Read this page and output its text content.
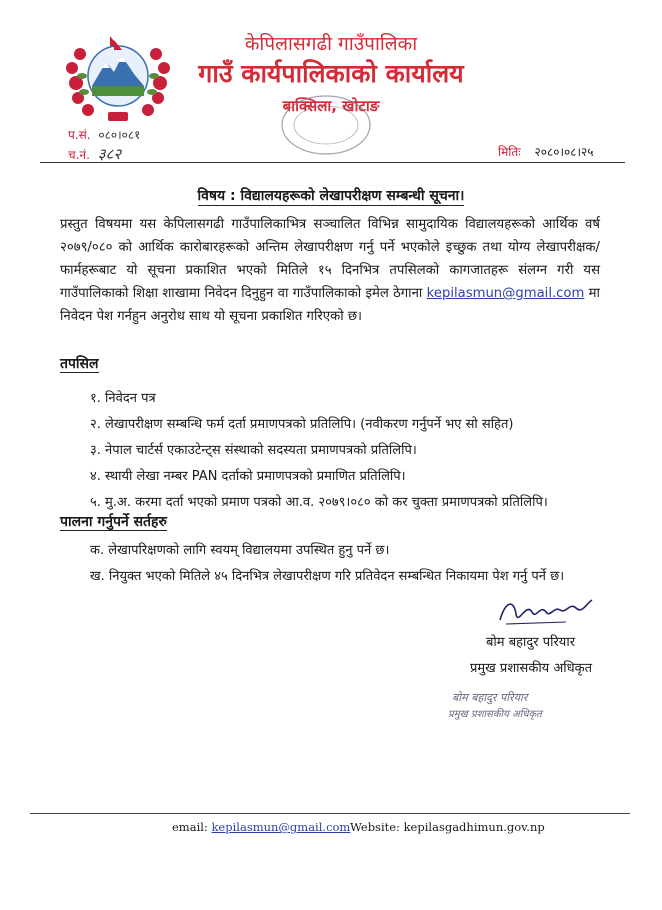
केपिलासगढी गाउँपालिका
गाउँ कार्यपालिकाको कार्यालय
बाक्सिला, खोटाङ
प.सं. ०८०।०८१
च.नं. ३८२	मितिः २०८०।०८।२५
विषय : विद्यालयहरूको लेखापरीक्षण सम्बन्धी सूचना।
प्रस्तुत विषयमा यस केपिलासगढी गाउँपालिकाभित्र सञ्चालित विभिन्न सामुदायिक विद्यालयहरूको आर्थिक वर्ष २०७९/०८० को आर्थिक कारोबारहरूको अन्तिम लेखापरीक्षण गर्नु पर्ने भएकोले इच्छुक तथा योग्य लेखापरीक्षक/फार्महरूबाट यो सूचना प्रकाशित भएको मितिले १५ दिनभित्र तपसिलको कागजातहरू संलग्न गरी यस गाउँपालिकाको शिक्षा शाखामा निवेदन दिनुहुन वा गाउँपालिकाको इमेल ठेगाना kepilasmun@gmail.com मा निवेदन पेश गर्नहुन अनुरोध साथ यो सूचना प्रकाशित गरिएको छ।
तपसिल
१. निवेदन पत्र
२. लेखापरीक्षण सम्बन्धि फर्म दर्ता प्रमाणपत्रको प्रतिलिपि। (नवीकरण गर्नुपर्ने भए सो सहित)
३. नेपाल चार्टर्स एकाउटेन्ट्स संस्थाको सदस्यता प्रमाणपत्रको प्रतिलिपि।
४. स्थायी लेखा नम्बर PAN दर्ताको प्रमाणपत्रको प्रमाणित प्रतिलिपि।
५. मु.अ. करमा दर्ता भएको प्रमाण पत्रको आ.व. २०७९।०८० को कर चुक्ता प्रमाणपत्रको प्रतिलिपि।
पालना गर्नुपर्ने सर्तहरु
क. लेखापरिक्षणको लागि स्वयम् विद्यालयमा उपस्थित हुनु पर्ने छ।
ख. नियुक्त भएको मितिले ४५ दिनभित्र लेखापरीक्षण गरि प्रतिवेदन सम्बन्धित निकायमा पेश गर्नु पर्ने छ।
बोम बहादुर परियार
प्रमुख प्रशासकीय अधिकृत
बोम बहादुर परियार
प्रमुख प्रशासकीय अधिकृत
email: kepilasmun@gmail.com Website: kepilasgadhimun.gov.np
